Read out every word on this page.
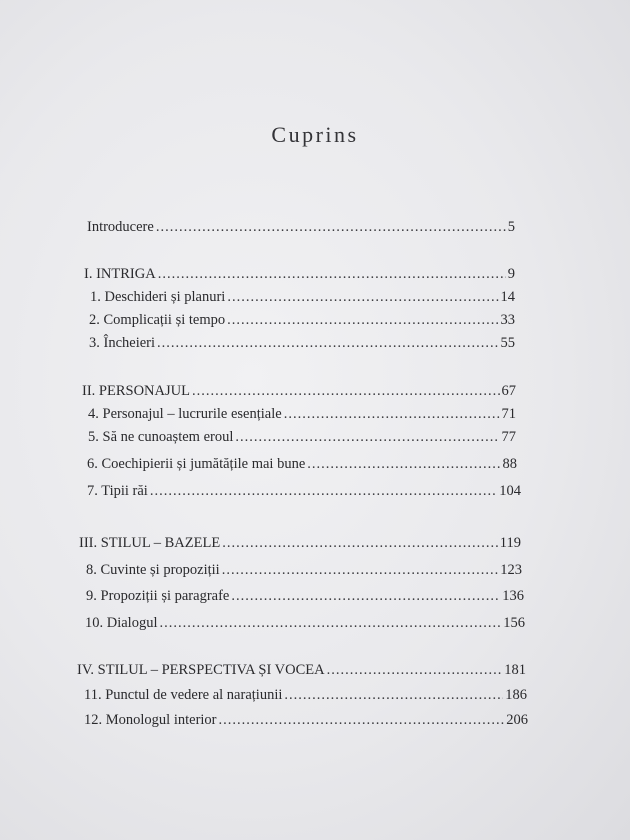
Cuprins
Introducere .....	5
I. INTRIGA .....	9
1. Deschideri și planuri .....	14
2. Complicații și tempo .....	33
3. Încheieri .....	55
II. PERSONAJUL .....	67
4. Personajul – lucrurile esențiale .....	71
5. Să ne cunoaștem eroul .....	77
6. Coechipierii și jumătățile mai bune .....	88
7. Tipii răi .....	104
III. STILUL – BAZELE .....	119
8. Cuvinte și propoziții .....	123
9. Propoziții și paragrafe .....	136
10. Dialogul .....	156
IV. STILUL – PERSPECTIVA ȘI VOCEA .....	181
11. Punctul de vedere al narațiunii .....	186
12. Monologul interior .....	206
